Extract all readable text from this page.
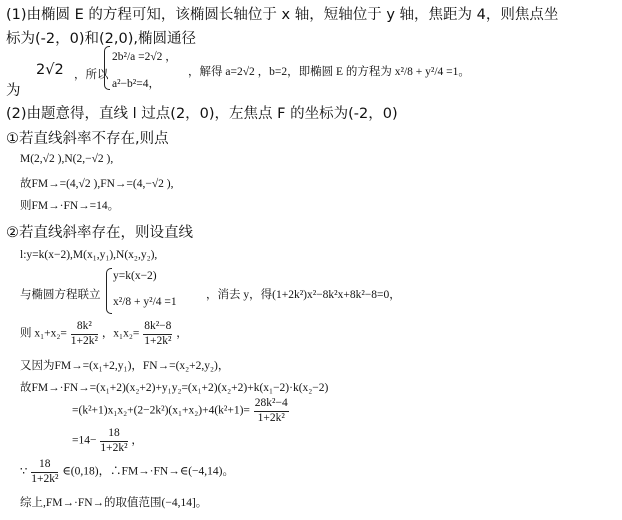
(1)由椭圆 E 的方程可知，该椭圆长轴位于 x 轴，短轴位于 y 轴，焦距为 4，则焦点坐
标为(-2，0)和(2,0),椭圆通径
2√2
为
，所以
2b²/a =2√2 ，
a²−b²=4，
，解得 a=2√2 ，b=2，即椭圆 E 的方程为 x²/8 + y²/4 =1。
(2)由题意得，直线 l 过点(2，0)，左焦点 F 的坐标为(-2，0)
①若直线斜率不存在,则点
M(2,√2 ),N(2,−√2 ),
故FM→=(4,√2 ),FN→=(4,−√2 ),
则FM→·FN→=14。
②若直线斜率存在，则设直线
l:y=k(x−2),M(x₁,y₁),N(x₂,y₂),
与椭圆方程联立
y=k(x−2)
x²/8 + y²/4 =1
，消去 y，得(1+2k²)x²−8k²x+8k²−8=0，
则 $x_1+x_2= \frac{\text{8k²}}{\text{1+2k²}}$ ，$x_1x_2= \frac{\text{8k²−8}}{\text{1+2k²}}$ ，
又因为FM→=(x₁+2,y₁)，FN→=(x₂+2,y₂)，
故FM→·FN→=(x₁+2)(x₂+2)+y₁y₂=(x₁+2)(x₂+2)+k(x₁−2)·k(x₂−2)
$=(k^2+1)x_1x_2+(2-2k^2)(x_1+x_2)+4(k^2+1)= \frac{\text{28k²−4}}{\text{1+2k²}}$
$=14- \frac{18}{\text{1+2k²}}$ ，
∵ $\frac{18}{\text{1+2k²}}$ ∈(0,18)，∴FM→·FN→∈(−4,14)。
综上,FM→·FN→的取值范围(−4,14]。
